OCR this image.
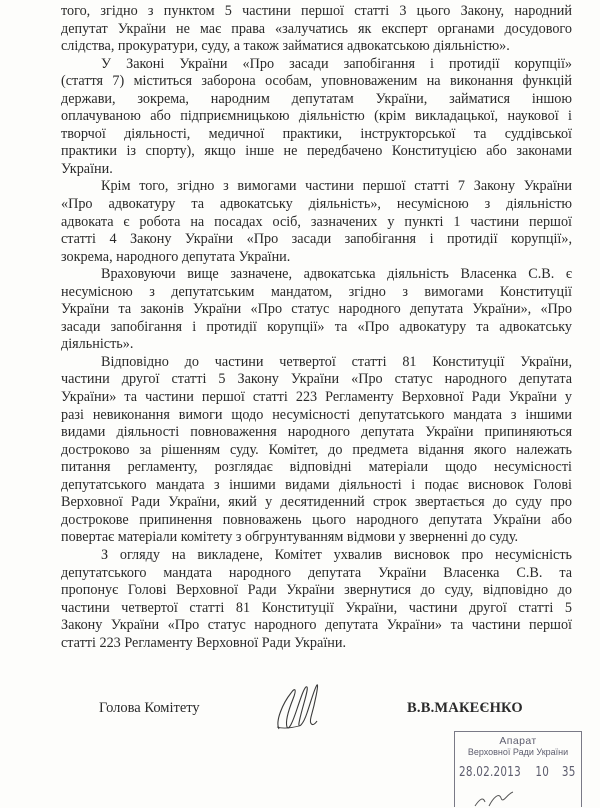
того, згідно з пунктом 5 частини першої статті 3 цього Закону, народний
депутат України не має права «залучатись як експерт органами досудового
слідства, прокуратури, суду, а також займатися адвокатською діяльністю».
У Законі України «Про засади запобігання і протидії корупції»
(стаття 7) міститься заборона особам, уповноваженим на виконання функцій
держави, зокрема, народним депутатам України, займатися іншою
оплачуваною або підприємницькою діяльністю (крім викладацької, наукової і
творчої діяльності, медичної практики, інструкторської та суддівської
практики із спорту), якщо інше не передбачено Конституцією або законами
України.
Крім того, згідно з вимогами частини першої статті 7 Закону України
«Про адвокатуру та адвокатську діяльність», несумісною з діяльністю
адвоката є робота на посадах осіб, зазначених у пункті 1 частини першої
статті 4 Закону України «Про засади запобігання і протидії корупції»,
зокрема, народного депутата України.
Враховуючи вище зазначене, адвокатська діяльність Власенка С.В. є
несумісною з депутатським мандатом, згідно з вимогами Конституції
України та законів України «Про статус народного депутата України», «Про
засади запобігання і протидії корупції» та «Про адвокатуру та адвокатську
діяльність».
Відповідно до частини четвертої статті 81 Конституції України,
частини другої статті 5 Закону України «Про статус народного депутата
України» та частини першої статті 223 Регламенту Верховної Ради України у
разі невиконання вимоги щодо несумісності депутатського мандата з іншими
видами діяльності повноваження народного депутата України припиняються
достроково за рішенням суду. Комітет, до предмета відання якого належать
питання регламенту, розглядає відповідні матеріали щодо несумісності
депутатського мандата з іншими видами діяльності і подає висновок Голові
Верховної Ради України, який у десятиденний строк звертається до суду про
дострокове припинення повноважень цього народного депутата України або
повертає матеріали комітету з обгрунтуванням відмови у зверненні до суду.
З огляду на викладене, Комітет ухвалив висновок про несумісність
депутатського мандата народного депутата України Власенка С.В. та
пропонує Голові Верховної Ради України звернутися до суду, відповідно до
частини четвертої статті 81 Конституції України, частини другої статті 5
Закону України «Про статус народного депутата України» та частини першої
статті 223 Регламенту Верховної Ради України.
Голова Комітету	В.В.МАКЕЄНКО
Апарат
Верховної Ради України
28.02.2013 10 35
